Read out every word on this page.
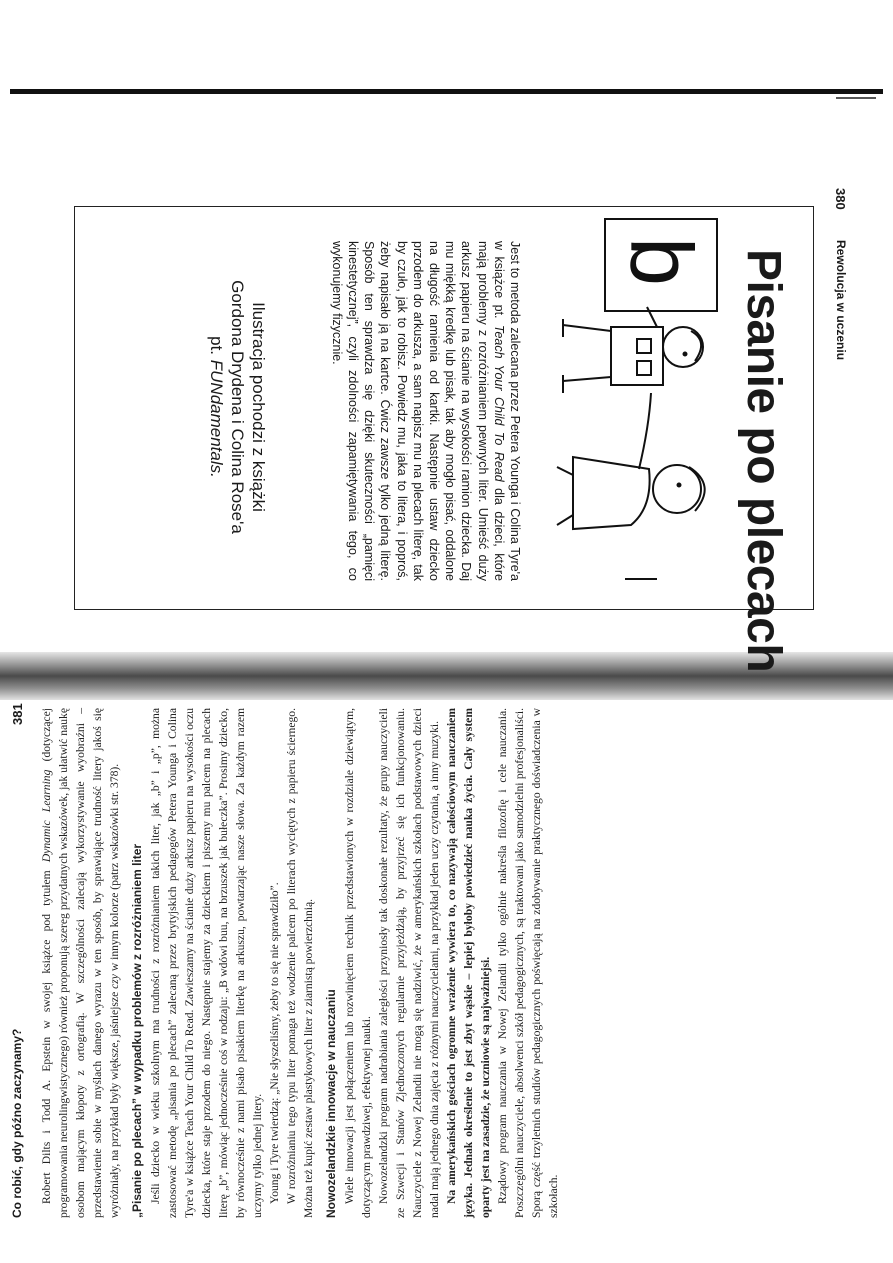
380
Rewolucja w uczeniu
Pisanie po plecach
b
Jest to metoda zalecana przez Petera Younga i Colina Tyre'a w książce pt. Teach Your Child To Read dla dzieci, które mają problemy z rozróżnianiem pewnych liter. Umieść duży arkusz papieru na ścianie na wysokości ramion dziecka. Daj mu miękką kredkę lub pisak, tak aby mogło pisać, oddalone na długość ramienia od kartki. Następnie ustaw dziecko przodem do arkusza, a sam napisz mu na plecach literę, tak by czuło, jak to robisz. Powiedz mu, jaka to litera, i poproś, żeby napisało ją na kartce. Ćwicz zawsze tylko jedną literę. Sposób ten sprawdza się dzięki skuteczności „pamięci kinestetycznej”, czyli zdolności zapamiętywania tego, co wykonujemy fizycznie.
Ilustracja pochodzi z książki
Gordona Drydena i Colina Rose'a
pt. FUNdamentals.
Co robić, gdy późno zaczynamy?
381

Robert Dilts i Todd A. Epstein w swojej książce pod tytułem Dynamic Learning (dotyczącej programowania neurolingwistycznego) również proponują szereg przydatnych wskazówek, jak ułatwić naukę osobom mającym kłopoty z ortografią. W szczególności zalecają wykorzystywanie wyobraźni – przedstawienie sobie w myślach danego wyrazu w ten sposób, by sprawiające trudność litery jakoś się wyróżniały, na przykład były większe, jaśniejsze czy w innym kolorze (patrz wskazówki str. 378). „Pisanie po plecach” w wypadku problemów z rozróżnianiem liter Jeśli dziecko w wieku szkolnym ma trudności z rozróżnianiem takich liter, jak „b” i „p”, można zastosować metodę „pisania po plecach” zalecaną przez brytyjskich pedagogów Petera Younga i Colina Tyre'a w książce Teach Your Child To Read. Zawieszamy na ścianie duży arkusz papieru na wysokości oczu dziecka, które staje przodem do niego. Następnie stajemy za dzieckiem i piszemy mu palcem na plecach literę „b”, mówiąc jednocześnie coś w rodzaju: „B wdówi buu, na brzuszek jak bułeczka”. Prosimy dziecko, by równocześnie z nami pisało pisakiem literkę na arkuszu, powtarzając nasze słowa. Za każdym razem uczymy tylko jednej litery. Young i Tyre twierdzą: „Nie słyszeliśmy, żeby to się nie sprawdziło”. W rozróżnianiu tego typu liter pomaga też wodzenie palcem po literach wyciętych z papieru ściernego. Można też kupić zestaw plastykowych liter z ziarnistą powierzchnią. Nowozelandzkie innowacje w nauczaniu Wiele innowacji jest połączeniem lub rozwinięciem technik przedstawionych w rozdziale dziewiątym, dotyczącym prawdziwej, efektywnej nauki. Nowozelandzki program nadrabiania zaległości przyniosły tak doskonałe rezultaty, że grupy nauczycieli ze Szwecji i Stanów Zjednoczonych regularnie przyjeżdżają, by przyjrzeć się ich funkcjonowaniu. Nauczyciele z Nowej Zelandii nie mogą się nadziwić, że w amerykańskich szkołach podstawowych dzieci nadal mają jednego dnia zajęcia z różnymi nauczycielami, na przykład jeden uczy czytania, a inny muzyki. Na amerykańskich gościach ogromne wrażenie wywiera to, co nazywają całościowym nauczaniem języka. Jednak określenie to jest zbyt wąskie – lepiej byłoby powiedzieć nauka życia. Cały system oparty jest na zasadzie, że uczniowie są najważniejsi. Rządowy program nauczania w Nowej Zelandii tylko ogólnie nakreśla filozofię i cele nauczania. Poszczególni nauczyciele, absolwenci szkół pedagogicznych, są traktowani jako samodzielni profesjonaliści. Sporą część trzyletnich studiów pedagogicznych poświęcają na zdobywanie praktycznego doświadczenia w szkołach.
